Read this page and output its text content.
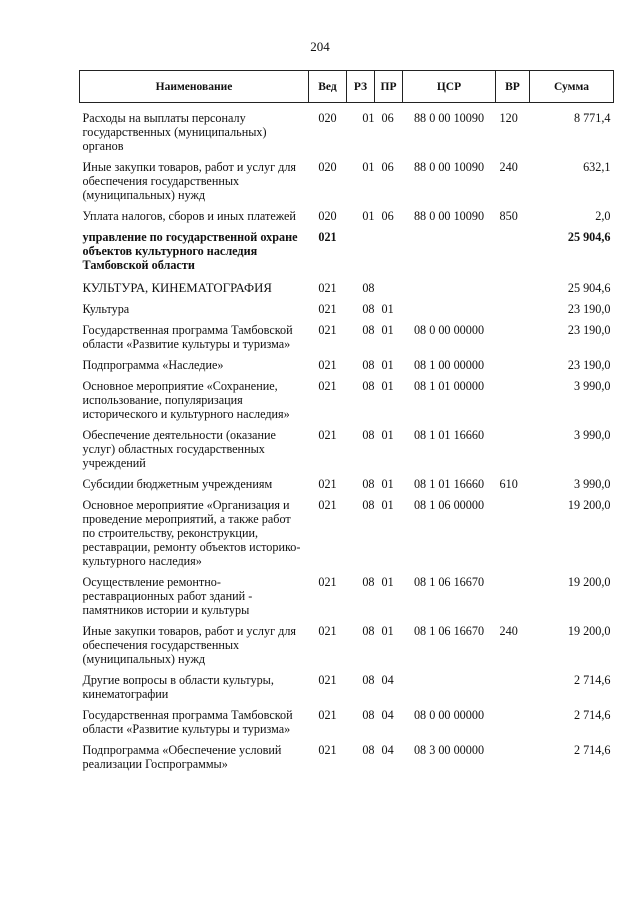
204
Наименование	Вед	РЗ	ПР	ЦСР	ВР	Сумма
Расходы на выплаты персоналу государственных (муниципальных) органов	020	01	06	88 0 00 10090	120	8 771,4
Иные закупки товаров, работ и услуг для обеспечения государственных (муниципальных) нужд	020	01	06	88 0 00 10090	240	632,1
Уплата налогов, сборов и иных платежей	020	01	06	88 0 00 10090	850	2,0
управление по государственной охране объектов культурного наследия Тамбовской области	021					25 904,6
КУЛЬТУРА, КИНЕМАТОГРАФИЯ	021	08				25 904,6
Культура	021	08	01			23 190,0
Государственная программа Тамбовской области «Развитие культуры и туризма»	021	08	01	08 0 00 00000		23 190,0
Подпрограмма «Наследие»	021	08	01	08 1 00 00000		23 190,0
Основное мероприятие «Сохранение, использование, популяризация исторического и культурного наследия»	021	08	01	08 1 01 00000		3 990,0
Обеспечение деятельности (оказание услуг) областных государственных учреждений	021	08	01	08 1 01 16660		3 990,0
Субсидии бюджетным учреждениям	021	08	01	08 1 01 16660	610	3 990,0
Основное мероприятие «Организация и проведение мероприятий, а также работ по строительству, реконструкции, реставрации, ремонту объектов историко-культурного наследия»	021	08	01	08 1 06 00000		19 200,0
Осуществление ремонтно-реставрационных работ зданий - памятников истории и культуры	021	08	01	08 1 06 16670		19 200,0
Иные закупки товаров, работ и услуг для обеспечения государственных (муниципальных) нужд	021	08	01	08 1 06 16670	240	19 200,0
Другие вопросы в области культуры, кинематографии	021	08	04			2 714,6
Государственная программа Тамбовской области «Развитие культуры и туризма»	021	08	04	08 0 00 00000		2 714,6
Подпрограмма «Обеспечение условий реализации Госпрограммы»	021	08	04	08 3 00 00000		2 714,6
